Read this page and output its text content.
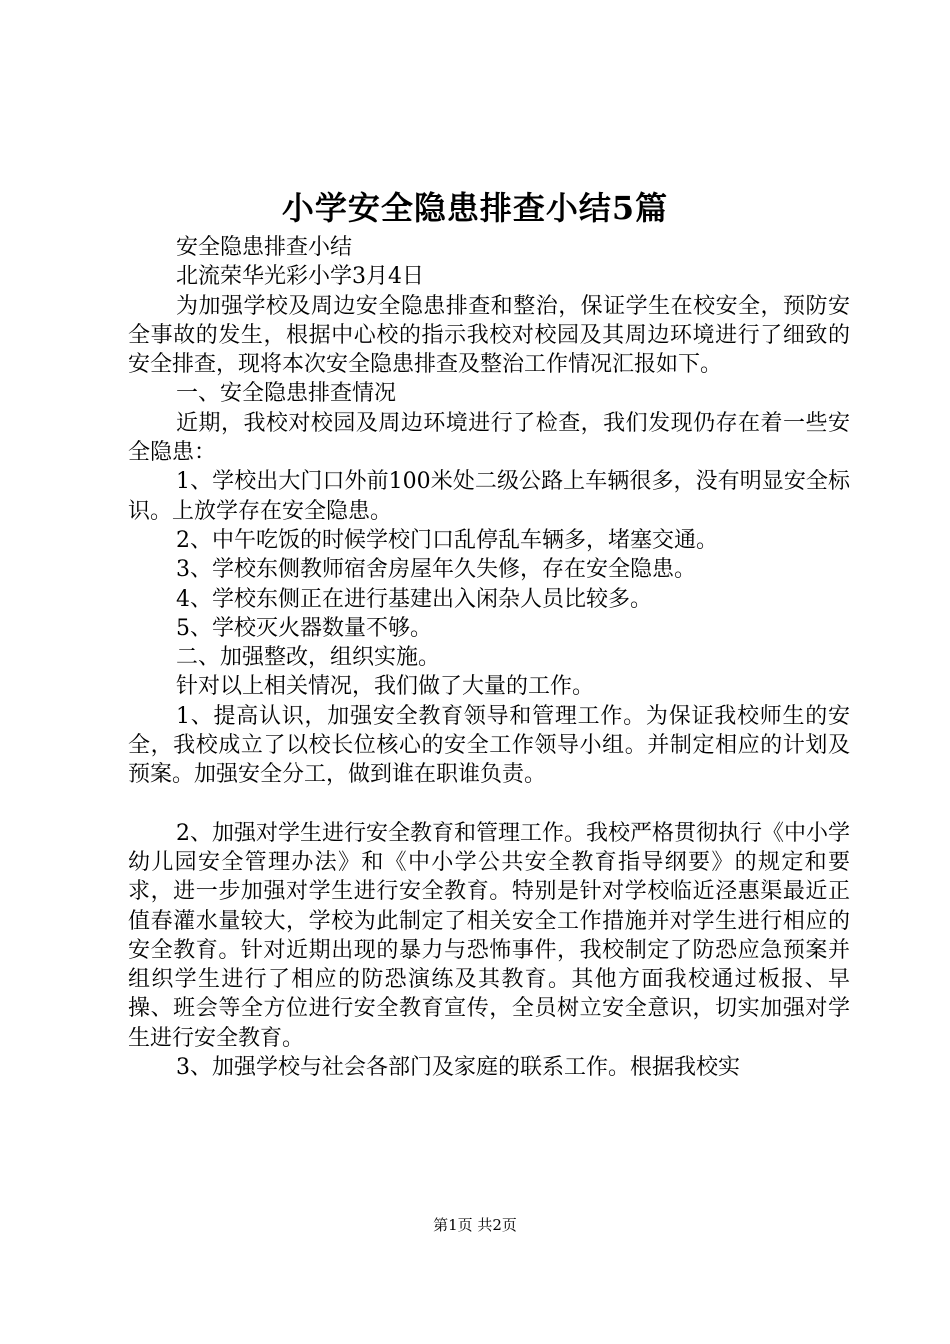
小学安全隐患排查小结5篇

安全隐患排查小结

北流荣华光彩小学3月4日

为加强学校及周边安全隐患排查和整治，保证学生在校安全，预防安全事故的发生，根据中心校的指示我校对校园及其周边环境进行了细致的安全排查，现将本次安全隐患排查及整治工作情况汇报如下。

一、安全隐患排查情况

近期，我校对校园及周边环境进行了检查，我们发现仍存在着一些安全隐患：

1、学校出大门口外前100米处二级公路上车辆很多，没有明显安全标识。上放学存在安全隐患。

2、中午吃饭的时候学校门口乱停乱车辆多，堵塞交通。

3、学校东侧教师宿舍房屋年久失修，存在安全隐患。

4、学校东侧正在进行基建出入闲杂人员比较多。

5、学校灭火器数量不够。

二、加强整改，组织实施。

针对以上相关情况，我们做了大量的工作。

1、提高认识，加强安全教育领导和管理工作。为保证我校师生的安全，我校成立了以校长位核心的安全工作领导小组。并制定相应的计划及预案。加强安全分工，做到谁在职谁负责。

2、加强对学生进行安全教育和管理工作。我校严格贯彻执行《中小学幼儿园安全管理办法》和《中小学公共安全教育指导纲要》的规定和要求，进一步加强对学生进行安全教育。特别是针对学校临近泾惠渠最近正值春灌水量较大，学校为此制定了相关安全工作措施并对学生进行相应的安全教育。针对近期出现的暴力与恐怖事件，我校制定了防恐应急预案并组织学生进行了相应的防恐演练及其教育。其他方面我校通过板报、早操、班会等全方位进行安全教育宣传，全员树立安全意识，切实加强对学生进行安全教育。

3、加强学校与社会各部门及家庭的联系工作。根据我校实

第1页 共2页
